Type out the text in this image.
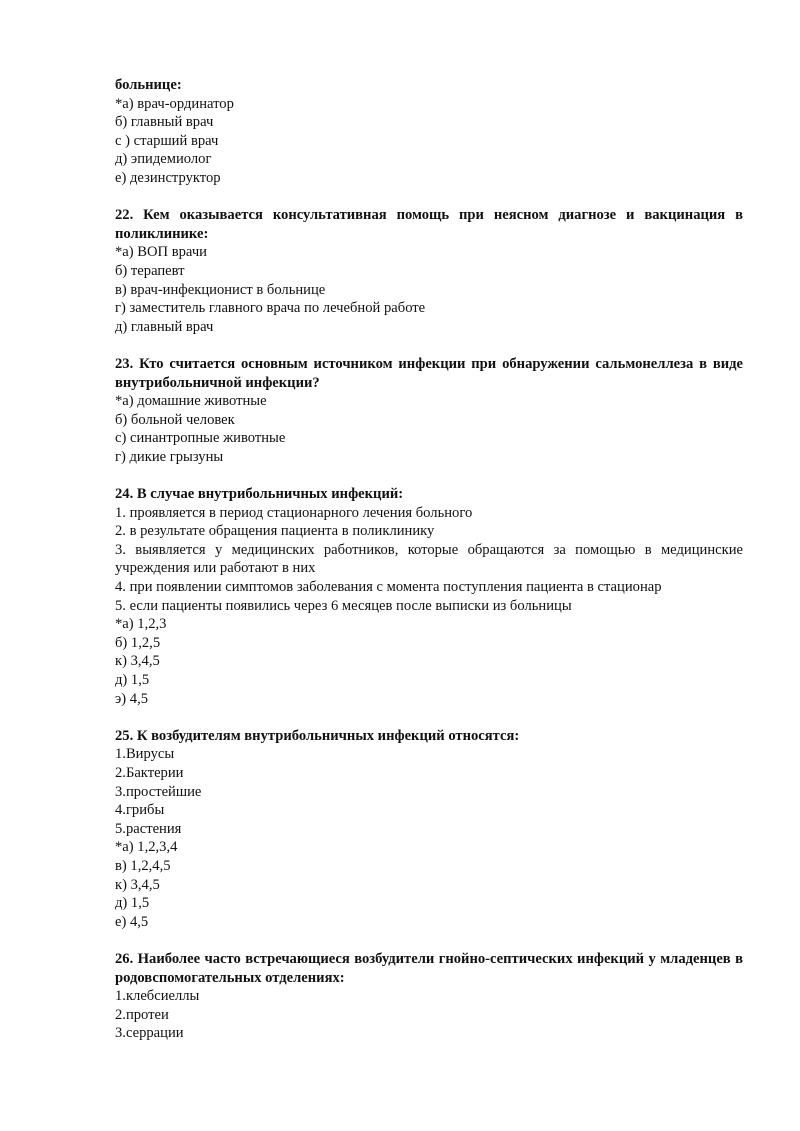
больнице:

*а) врач-ординатор

б) главный врач

с ) старший врач

д) эпидемиолог

е) дезинструктор

22. Кем оказывается консультативная помощь при неясном диагнозе и вакцинация в поликлинике:

*а) ВОП врачи

б) терапевт

в) врач-инфекционист в больнице

г) заместитель главного врача по лечебной работе

д) главный врач

23. Кто считается основным источником инфекции при обнаружении сальмонеллеза в виде внутрибольничной инфекции?

*а) домашние животные

б) больной человек

с) синантропные животные

г) дикие грызуны

24. В случае внутрибольничных инфекций:

1. проявляется в период стационарного лечения больного

2. в результате обращения пациента в поликлинику

3. выявляется у медицинских работников, которые обращаются за помощью в медицинские учреждения или работают в них

4. при появлении симптомов заболевания с момента поступления пациента в стационар

5. если пациенты появились через 6 месяцев после выписки из больницы

*а) 1,2,3

б) 1,2,5

к) 3,4,5

д) 1,5

э) 4,5

25. К возбудителям внутрибольничных инфекций относятся:

1.Вирусы

2.Бактерии

3.простейшие

4.грибы

5.растения

*а) 1,2,3,4

в) 1,2,4,5

к) 3,4,5

д) 1,5

е) 4,5

26. Наиболее часто встречающиеся возбудители гнойно-септических инфекций у младенцев в родовспомогательных отделениях:

1.клебсиеллы

2.протеи

3.серрации
